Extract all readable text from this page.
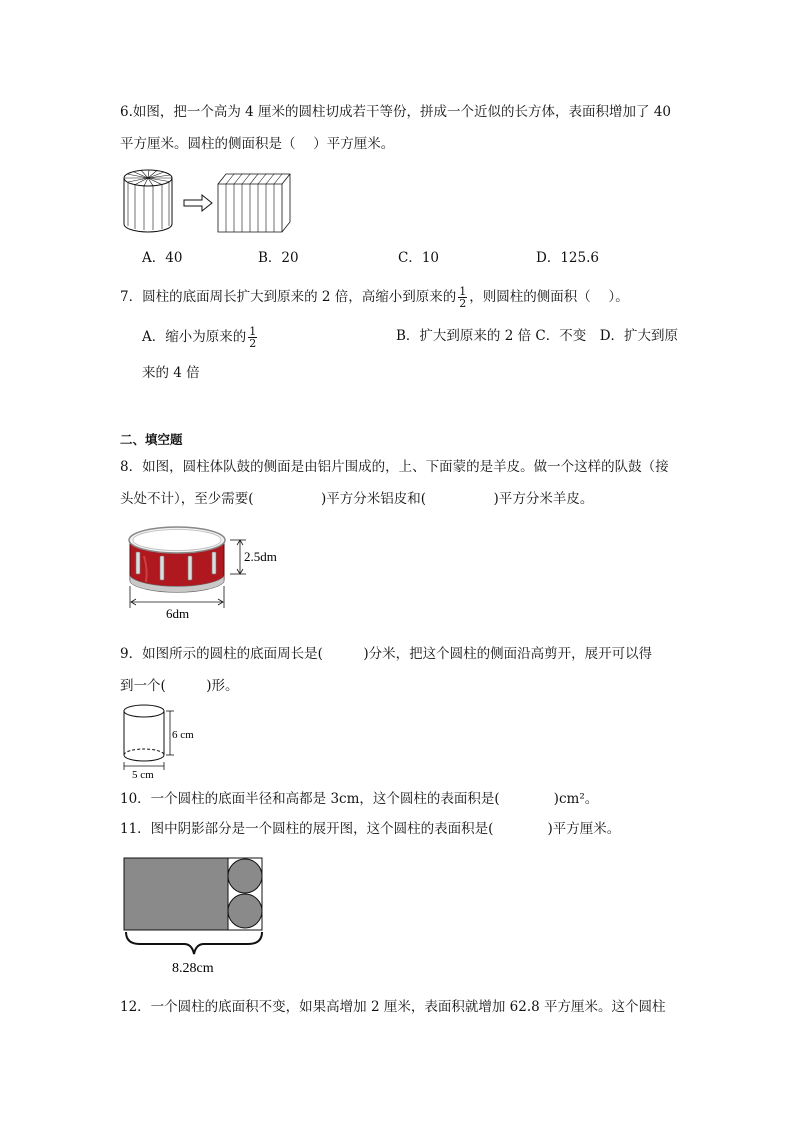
6.如图，把一个高为 4 厘米的圆柱切成若干等份，拼成一个近似的长方体，表面积增加了 40
平方厘米。圆柱的侧面积是（　 ）平方厘米。
A．40	B．20	C．10	D．125.6
7．圆柱的底面周长扩大到原来的 2 倍，高缩小到原来的 $\frac{1}{2}$ ，则圆柱的侧面积（　 ）。
A．缩小为原来的 $\frac{1}{2}$	B．扩大到原来的 2 倍 C．不变　D．扩大到原
来的 4 倍
二、填空题
8．如图，圆柱体队鼓的侧面是由铝片围成的，上、下面蒙的是羊皮。做一个这样的队鼓（接
头处不计），至少需要(　　　　　)平方分米铝皮和(　　　　　)平方分米羊皮。
2.5dm
6dm
9．如图所示的圆柱的底面周长是(　　　)分米，把这个圆柱的侧面沿高剪开，展开可以得
到一个(　　　)形。
6 cm
5 cm
10．一个圆柱的底面半径和高都是 3cm，这个圆柱的表面积是(　　　　)cm²。
11．图中阴影部分是一个圆柱的展开图，这个圆柱的表面积是(　　　　)平方厘米。
8.28cm
12．一个圆柱的底面积不变，如果高增加 2 厘米，表面积就增加 62.8 平方厘米。这个圆柱
